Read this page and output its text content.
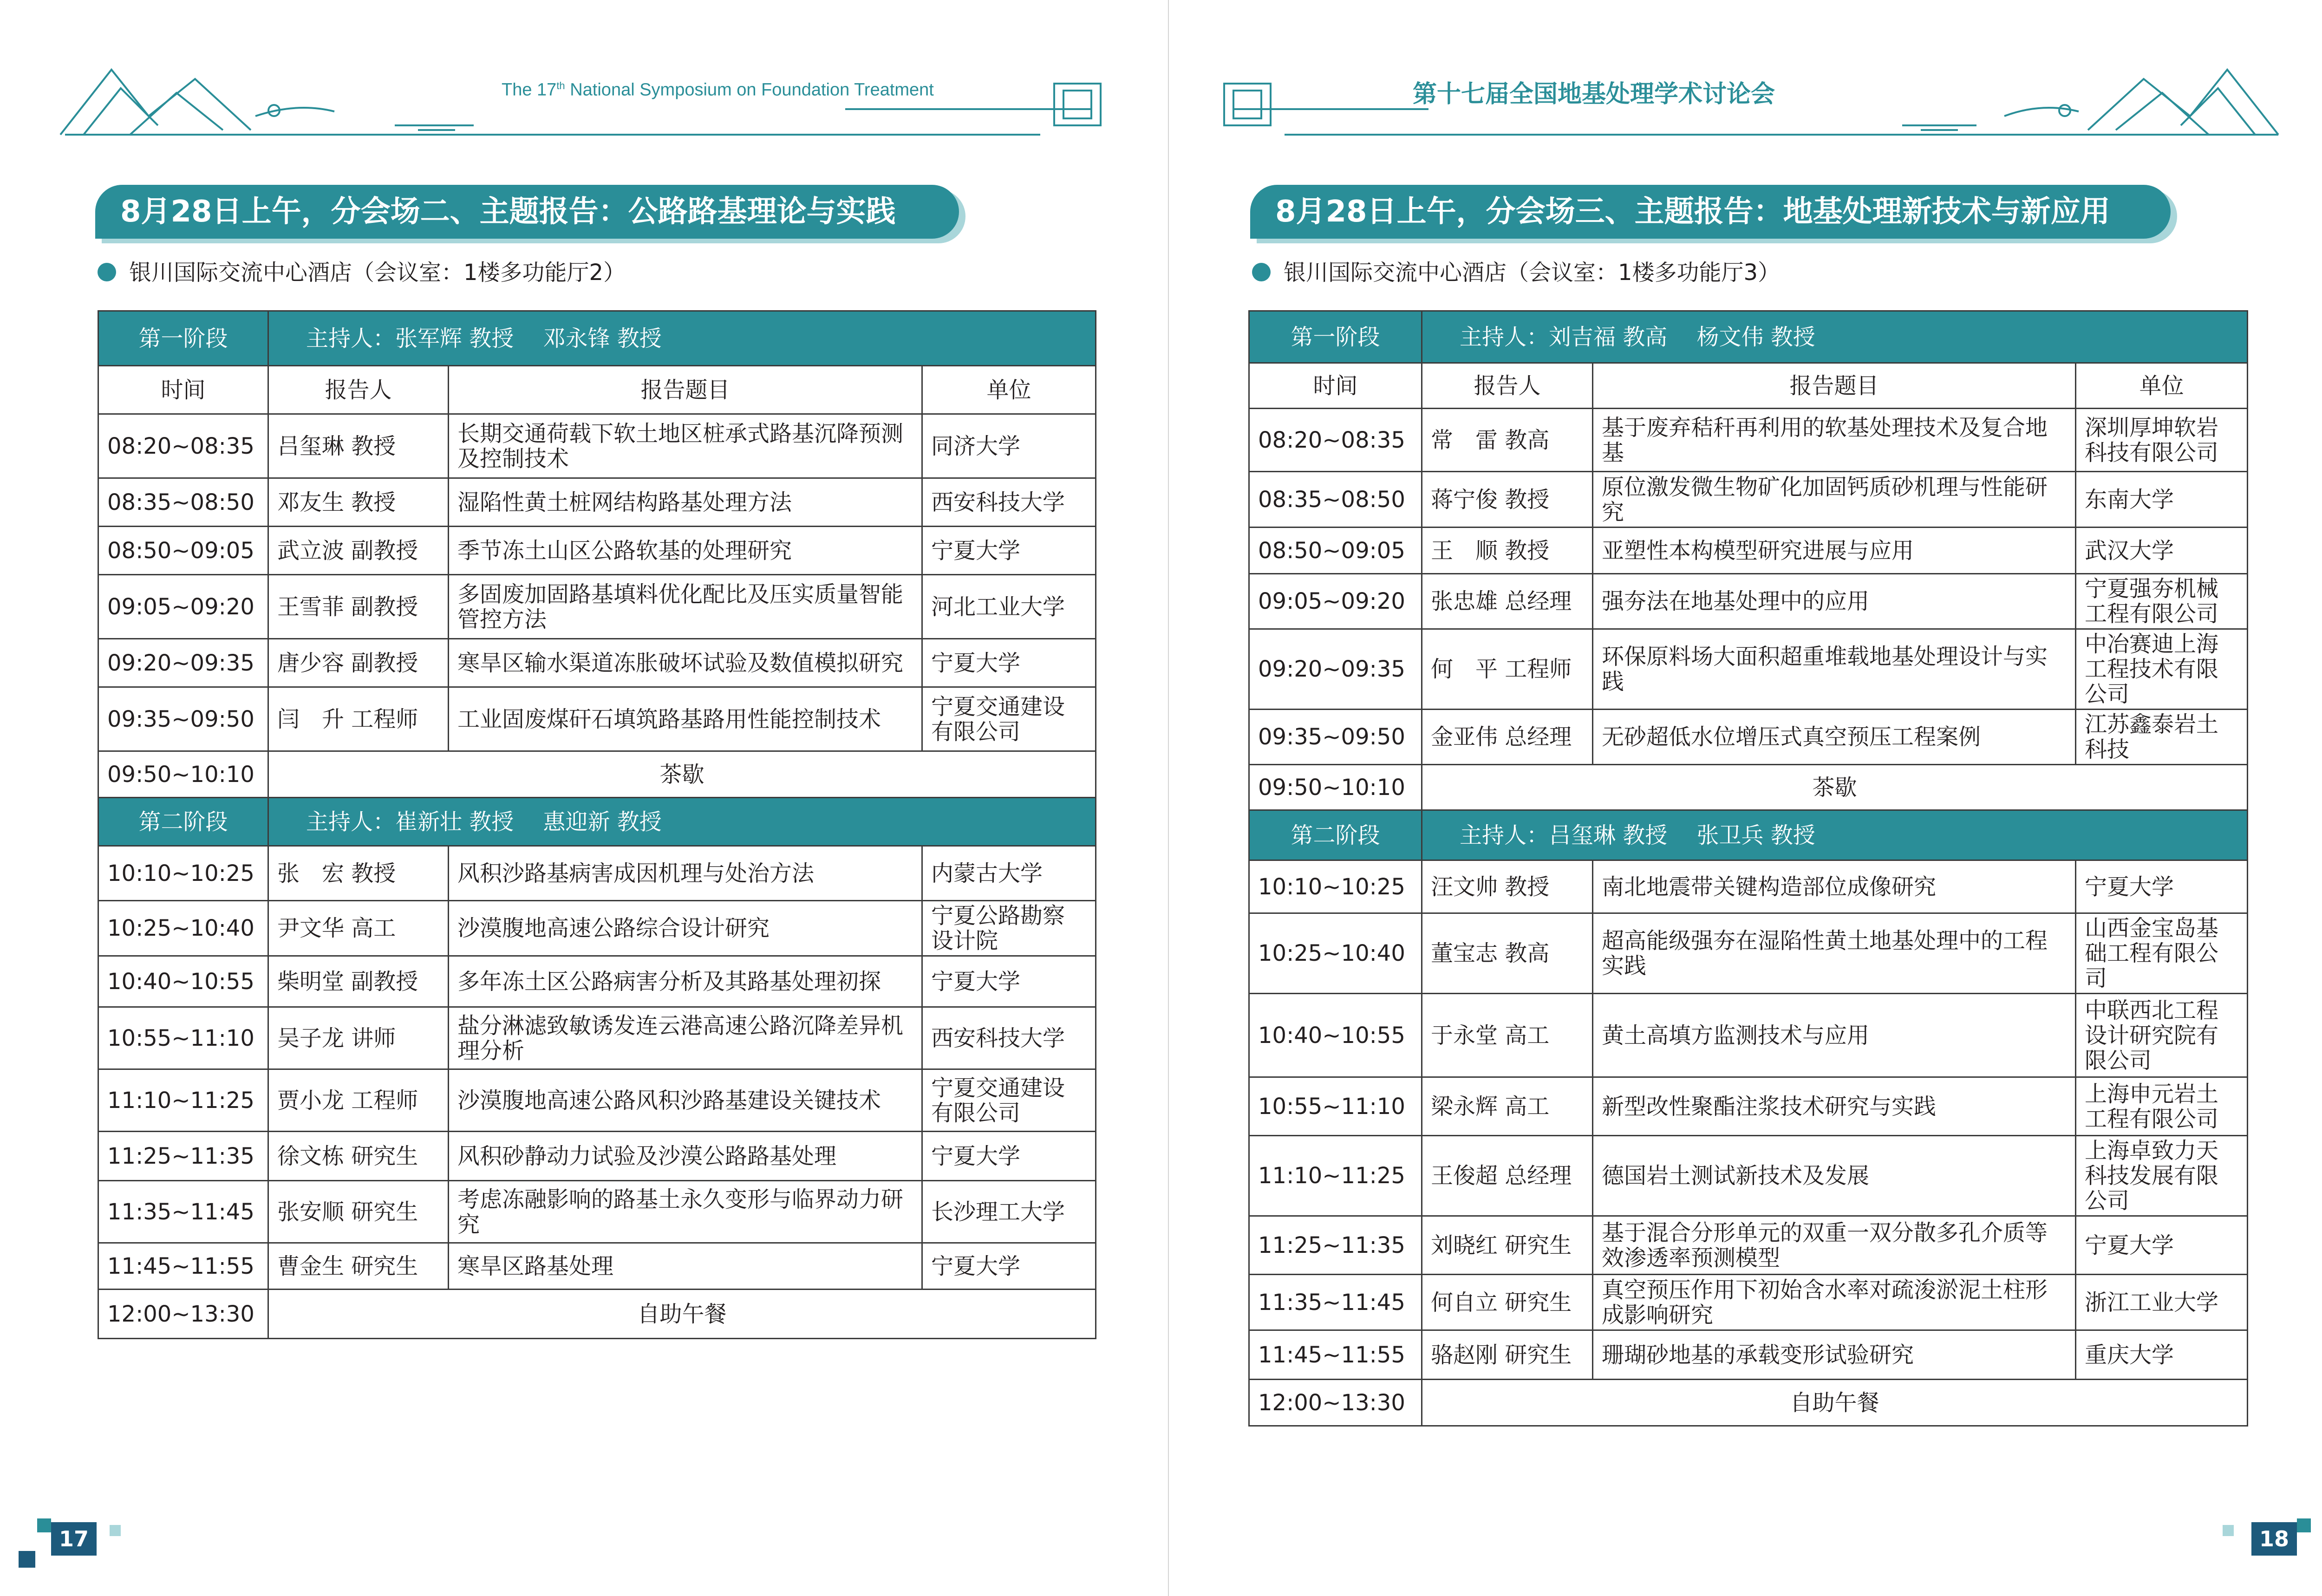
The 17th National Symposium on Foundation Treatment
8月28日上午，分会场二、主题报告：公路路基理论与实践
银川国际交流中心酒店（会议室：1楼多功能厅2）
第一阶段	主持人：张军辉 教授　 邓永锋 教授		
时间	报告人	报告题目	单位
08:20~08:35	吕玺琳 教授	长期交通荷载下软土地区桩承式路基沉降预测及控制技术	同济大学
08:35~08:50	邓友生 教授	湿陷性黄土桩网结构路基处理方法	西安科技大学
08:50~09:05	武立波 副教授	季节冻土山区公路软基的处理研究	宁夏大学
09:05~09:20	王雪菲 副教授	多固废加固路基填料优化配比及压实质量智能管控方法	河北工业大学
09:20~09:35	唐少容 副教授	寒旱区输水渠道冻胀破坏试验及数值模拟研究	宁夏大学
09:35~09:50	闫　升 工程师	工业固废煤矸石填筑路基路用性能控制技术	宁夏交通建设有限公司
09:50~10:10	茶歇		
第二阶段	主持人：崔新壮 教授　 惠迎新 教授		
10:10~10:25	张　宏 教授	风积沙路基病害成因机理与处治方法	内蒙古大学
10:25~10:40	尹文华 高工	沙漠腹地高速公路综合设计研究	宁夏公路勘察设计院
10:40~10:55	柴明堂 副教授	多年冻土区公路病害分析及其路基处理初探	宁夏大学
10:55~11:10	吴子龙 讲师	盐分淋滤致敏诱发连云港高速公路沉降差异机理分析	西安科技大学
11:10~11:25	贾小龙 工程师	沙漠腹地高速公路风积沙路基建设关键技术	宁夏交通建设有限公司
11:25~11:35	徐文栋 研究生	风积砂静动力试验及沙漠公路路基处理	宁夏大学
11:35~11:45	张安顺 研究生	考虑冻融影响的路基土永久变形与临界动力研究	长沙理工大学
11:45~11:55	曹金生 研究生	寒旱区路基处理	宁夏大学
12:00~13:30	自助午餐		
17
第十七届全国地基处理学术讨论会
8月28日上午，分会场三、主题报告：地基处理新技术与新应用
银川国际交流中心酒店（会议室：1楼多功能厅3）
第一阶段	主持人：刘吉福 教高　 杨文伟 教授		
时间	报告人	报告题目	单位
08:20~08:35	常　雷 教高	基于废弃秸秆再利用的软基处理技术及复合地基	深圳厚坤软岩科技有限公司
08:35~08:50	蒋宁俊 教授	原位激发微生物矿化加固钙质砂机理与性能研究	东南大学
08:50~09:05	王　顺 教授	亚塑性本构模型研究进展与应用	武汉大学
09:05~09:20	张忠雄 总经理	强夯法在地基处理中的应用	宁夏强夯机械工程有限公司
09:20~09:35	何　平 工程师	环保原料场大面积超重堆载地基处理设计与实践	中冶赛迪上海工程技术有限公司
09:35~09:50	金亚伟 总经理	无砂超低水位增压式真空预压工程案例	江苏鑫泰岩土科技
09:50~10:10	茶歇		
第二阶段	主持人：吕玺琳 教授　 张卫兵 教授		
10:10~10:25	汪文帅 教授	南北地震带关键构造部位成像研究	宁夏大学
10:25~10:40	董宝志 教高	超高能级强夯在湿陷性黄土地基处理中的工程实践	山西金宝岛基础工程有限公司
10:40~10:55	于永堂 高工	黄土高填方监测技术与应用	中联西北工程设计研究院有限公司
10:55~11:10	梁永辉 高工	新型改性聚酯注浆技术研究与实践	上海申元岩土工程有限公司
11:10~11:25	王俊超 总经理	德国岩土测试新技术及发展	上海卓致力天科技发展有限公司
11:25~11:35	刘晓红 研究生	基于混合分形单元的双重一双分散多孔介质等效渗透率预测模型	宁夏大学
11:35~11:45	何自立 研究生	真空预压作用下初始含水率对疏浚淤泥土柱形成影响研究	浙江工业大学
11:45~11:55	骆赵刚 研究生	珊瑚砂地基的承载变形试验研究	重庆大学
12:00~13:30	自助午餐		
18
